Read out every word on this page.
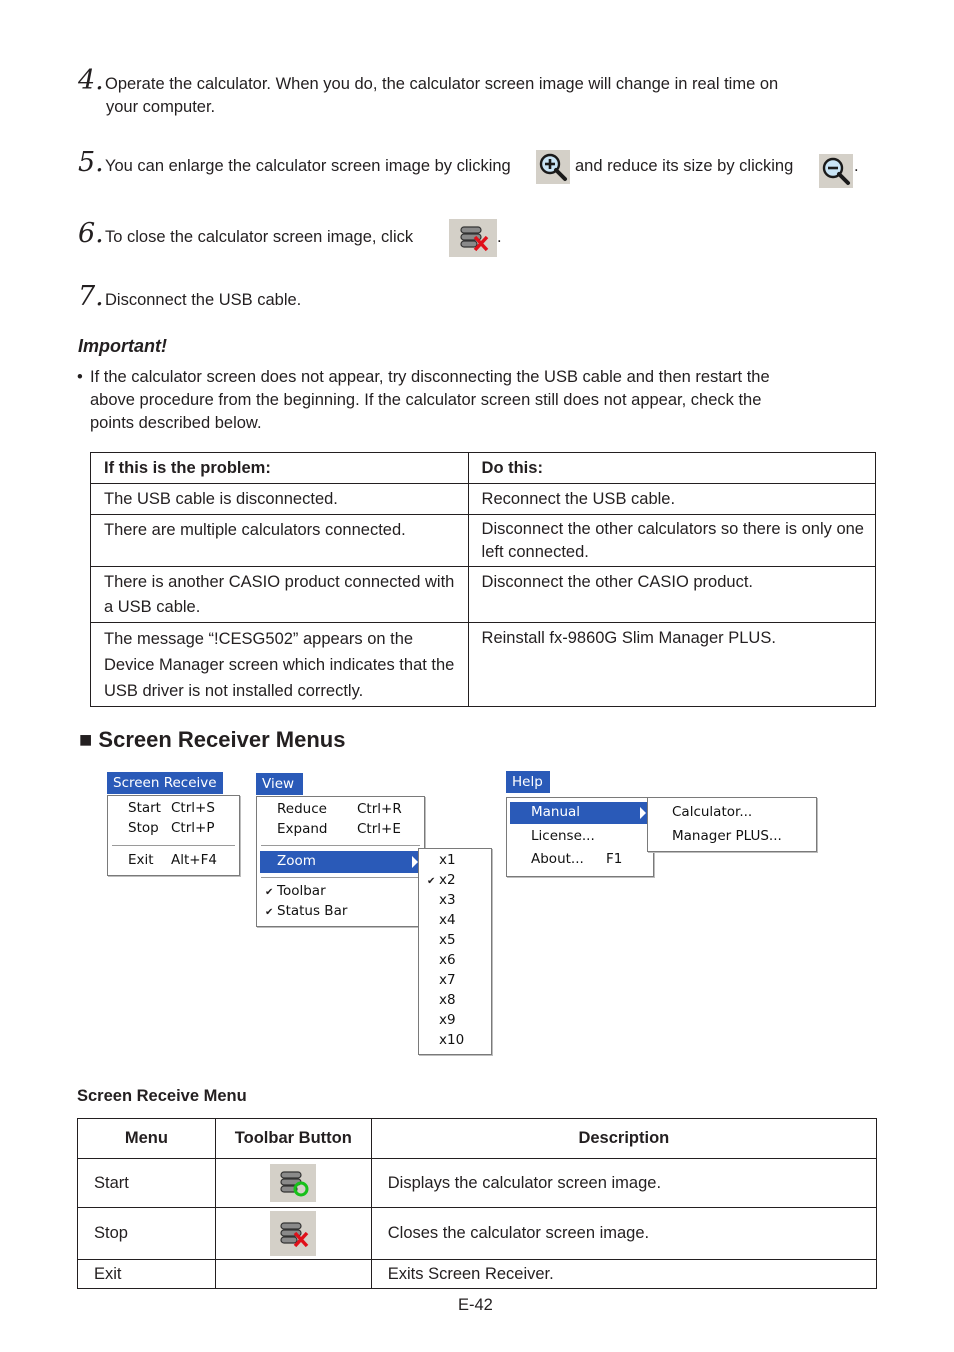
4. Operate the calculator. When you do, the calculator screen image will change in real time on
your computer.
5. You can enlarge the calculator screen image by clicking	and reduce its size by clicking	.
6. To close the calculator screen image, click	.
7. Disconnect the USB cable.
Important!
• If the calculator screen does not appear, try disconnecting the USB cable and then restart the
above procedure from the beginning. If the calculator screen still does not appear, check the
points described below.
If this is the problem:	Do this:
The USB cable is disconnected.	Reconnect the USB cable.
There are multiple calculators connected.	Disconnect the other calculators so there is only one left connected.
There is another CASIO product connected with a USB cable.	Disconnect the other CASIO product.
The message “!CESG502” appears on the Device Manager screen which indicates that the USB driver is not installed correctly.	Reinstall fx-9860G Slim Manager PLUS.
■ Screen Receiver Menus
Screen Receive
Start Ctrl+S
Stop Ctrl+P
Exit Alt+F4
View
Reduce Ctrl+R
Expand Ctrl+E
Zoom
✔ Toolbar
✔ Status Bar
x1
✔ x2
x3
x4
x5
x6
x7
x8
x9
x10
Help
Manual
License...
About... F1
Calculator...
Manager PLUS...
Screen Receive Menu
Menu	Toolbar Button	Description
Start		Displays the calculator screen image.
Stop		Closes the calculator screen image.
Exit		Exits Screen Receiver.
E-42
